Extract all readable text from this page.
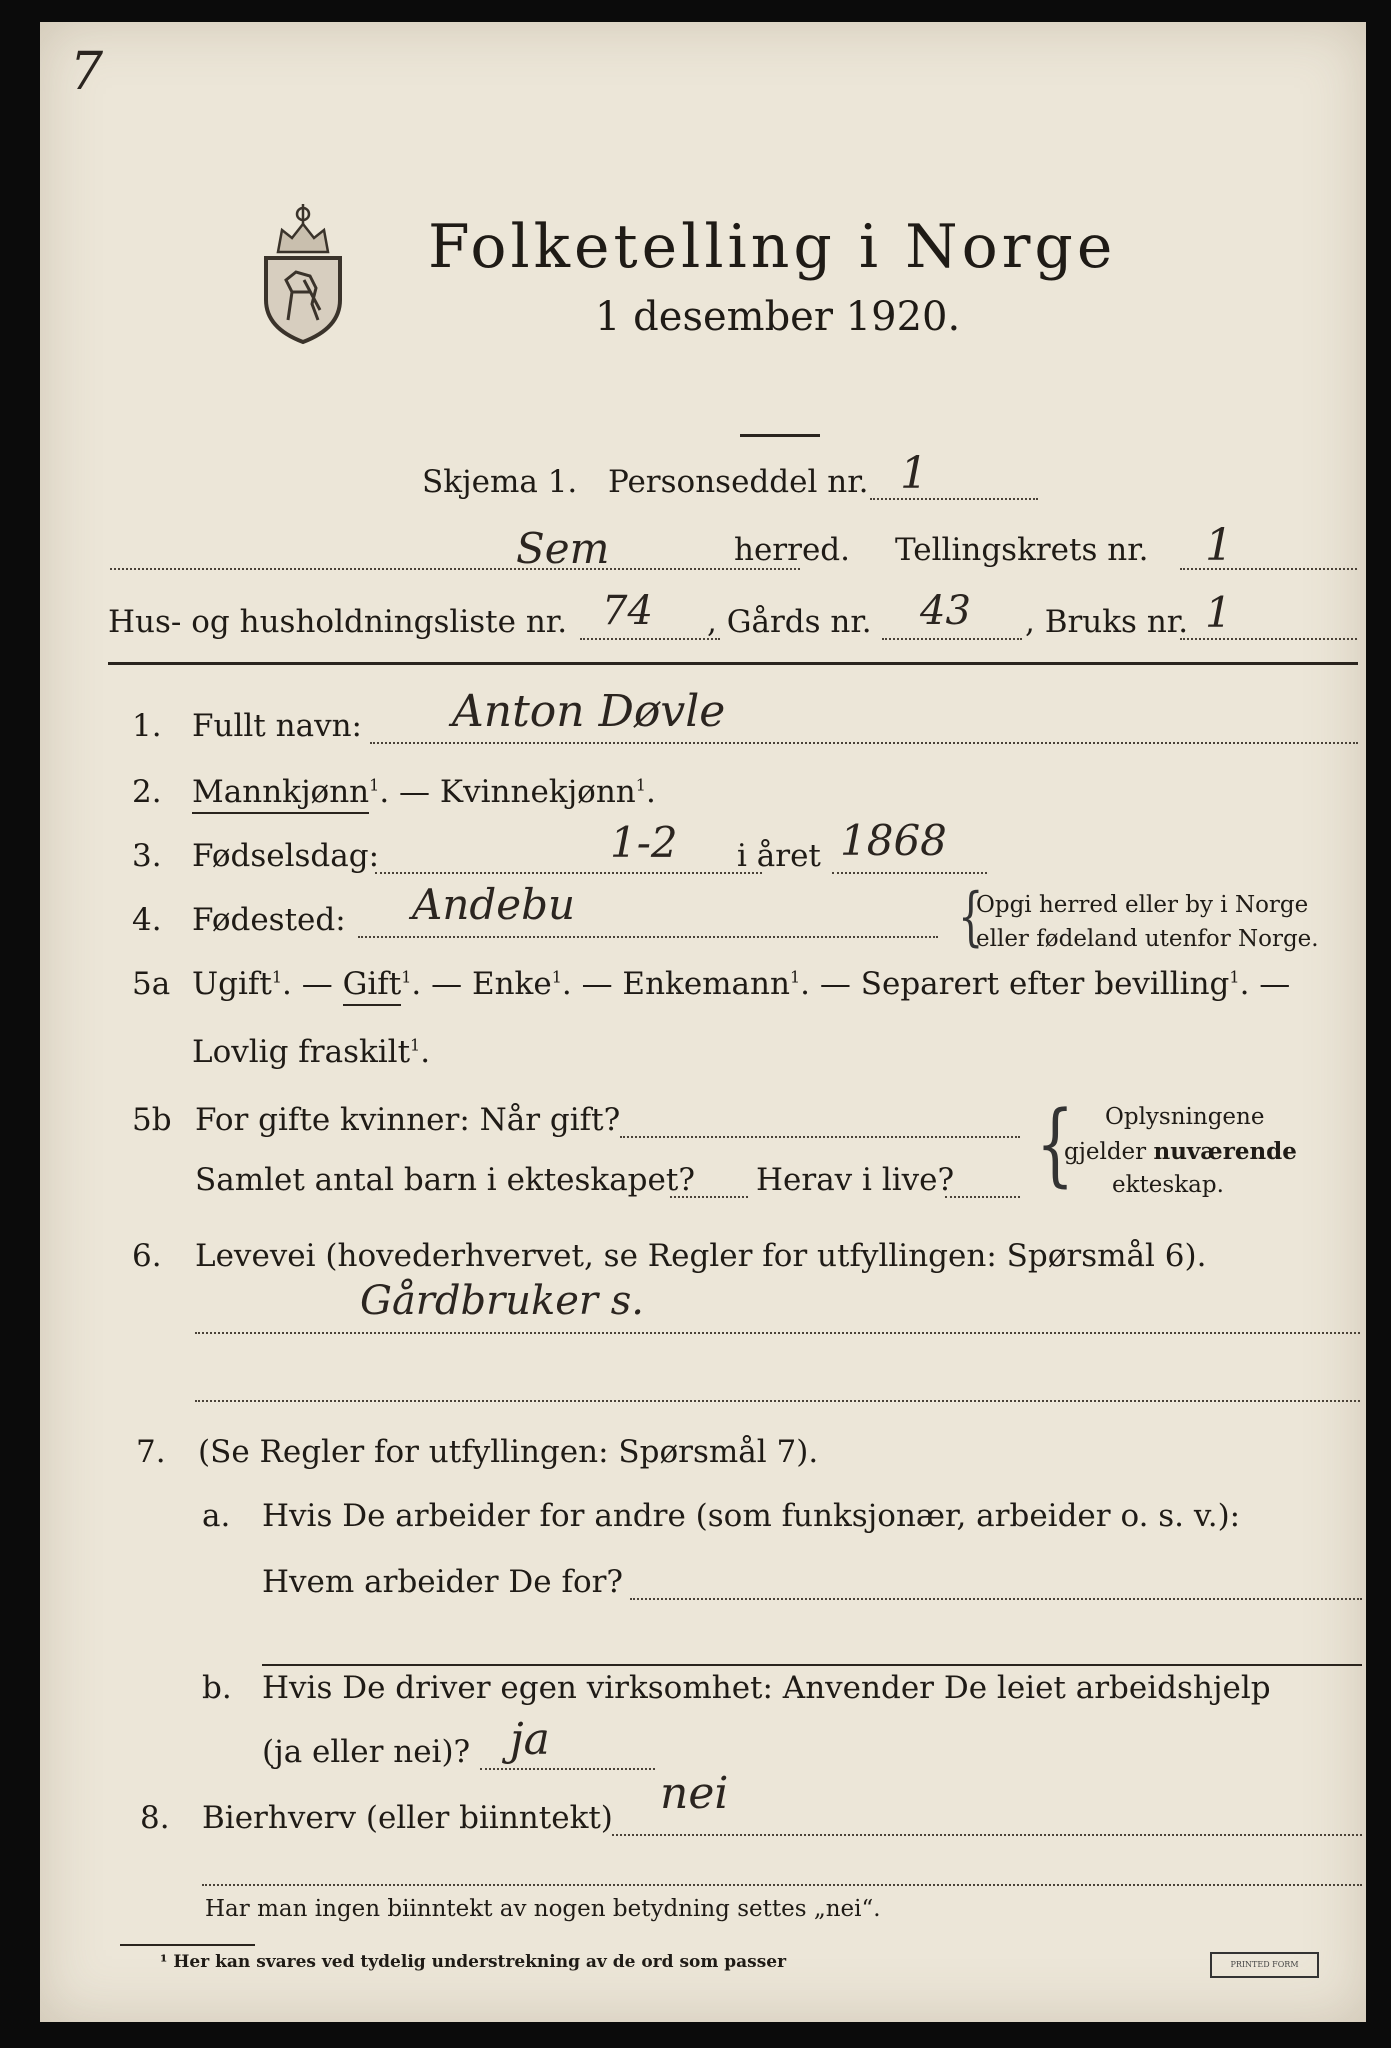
7
Folketelling i Norge
1 desember 1920.
Skjema 1. Personseddel nr. 1
Sem	herred. Tellingskrets nr. 1
Hus- og husholdningsliste nr. 74 , Gårds nr. 43 , Bruks nr. 1
1. Fullt navn: Anton Døvle
2. Mannkjønn$^1$. — Kvinnekjønn$^1$.
3. Fødselsdag:	1-2 i året 1868
4. Fødested: Andebu	{
Opgi herred eller by i Norge
eller fødeland utenfor Norge.
5a Ugift$^1$. — Gift$^1$. — Enke$^1$. — Enkemann$^1$. — Separert efter bevilling$^1$. —
Lovlig fraskilt$^1$.
5b For gifte kvinner: Når gift?
Samlet antal barn i ekteskapet? Herav i live? { Oplysningene
gjelder nuværende
ekteskap.
6. Levevei (hovederhvervet, se Regler for utfyllingen: Spørsmål 6).
Gårdbruker s.
7. (Se Regler for utfyllingen: Spørsmål 7).
a. Hvis De arbeider for andre (som funksjonær, arbeider o. s. v.):
Hvem arbeider De for?
b. Hvis De driver egen virksomhet: Anvender De leiet arbeidshjelp
(ja eller nei)? ja
8. Bierhverv (eller biinntekt) nei
Har man ingen biinntekt av nogen betydning settes „nei“.
¹ Her kan svares ved tydelig understrekning av de ord som passer	PRINTED FORM
